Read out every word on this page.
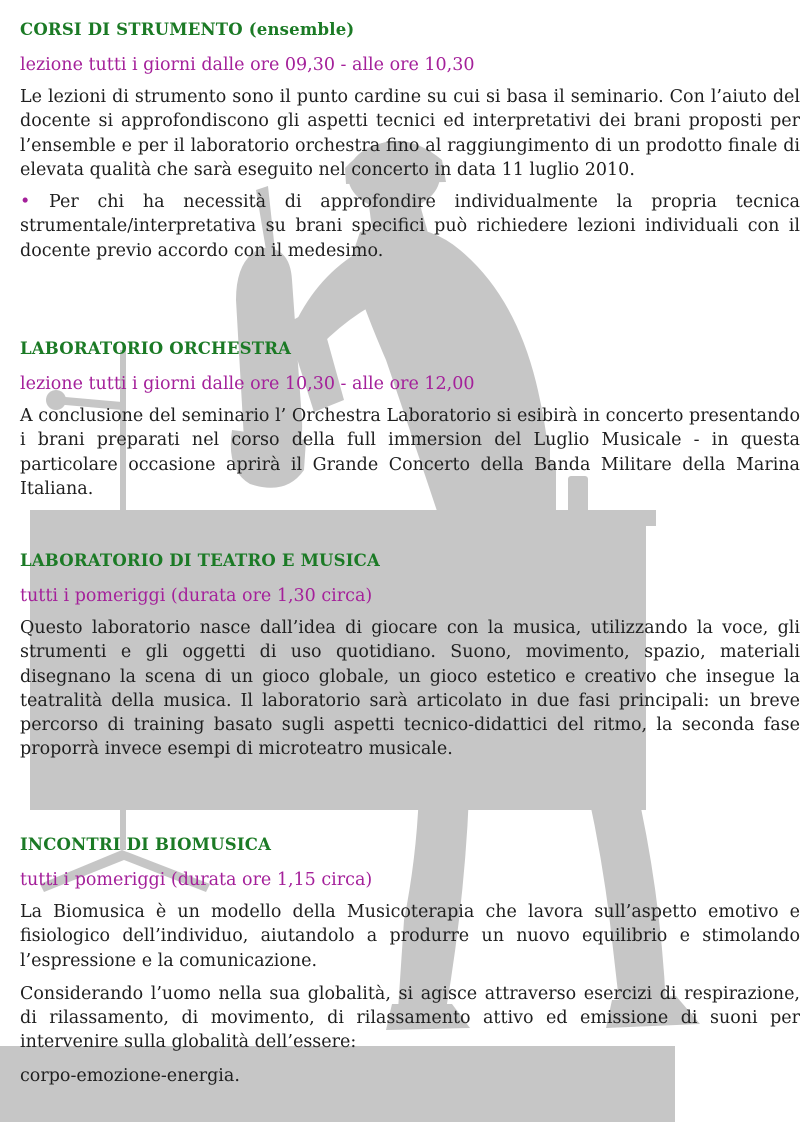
CORSI DI STRUMENTO (ensemble)
lezione tutti i giorni dalle ore 09,30 - alle ore 10,30

Le lezioni di strumento sono il punto cardine su cui si basa il seminario. Con l’aiuto del docente si approfondiscono gli aspetti tecnici ed interpretativi dei brani proposti per l’ensemble e per il laboratorio orchestra fino al raggiungimento di un prodotto finale di elevata qualità che sarà eseguito nel concerto in data 11 luglio 2010.

• Per chi ha necessità di approfondire individualmente la propria tecnica strumentale/interpretativa su brani specifici può richiedere lezioni individuali con il docente previo accordo con il medesimo.

LABORATORIO ORCHESTRA
lezione tutti i giorni dalle ore 10,30 - alle ore 12,00

A conclusione del seminario l’ Orchestra Laboratorio si esibirà in concerto presentando i brani preparati nel corso della full immersion del Luglio Musicale - in questa particolare occasione aprirà il Grande Concerto della Banda Militare della Marina Italiana.

LABORATORIO DI TEATRO E MUSICA
tutti i pomeriggi (durata ore 1,30 circa)

Questo laboratorio nasce dall’idea di giocare con la musica, utilizzando la voce, gli strumenti e gli oggetti di uso quotidiano. Suono, movimento, spazio, materiali disegnano la scena di un gioco globale, un gioco estetico e creativo che insegue la teatralità della musica. Il laboratorio sarà articolato in due fasi principali: un breve percorso di training basato sugli aspetti tecnico-didattici del ritmo, la seconda fase proporrà invece esempi di microteatro musicale.

INCONTRI DI BIOMUSICA
tutti i pomeriggi (durata ore 1,15 circa)

La Biomusica è un modello della Musicoterapia che lavora sull’aspetto emotivo e fisiologico dell’individuo, aiutandolo a produrre un nuovo equilibrio e stimolando l’espressione e la comunicazione.

Considerando l’uomo nella sua globalità, si agisce attraverso esercizi di respirazione, di rilassamento, di movimento, di rilassamento attivo ed emissione di suoni per intervenire sulla globalità dell’essere:

corpo-emozione-energia.
